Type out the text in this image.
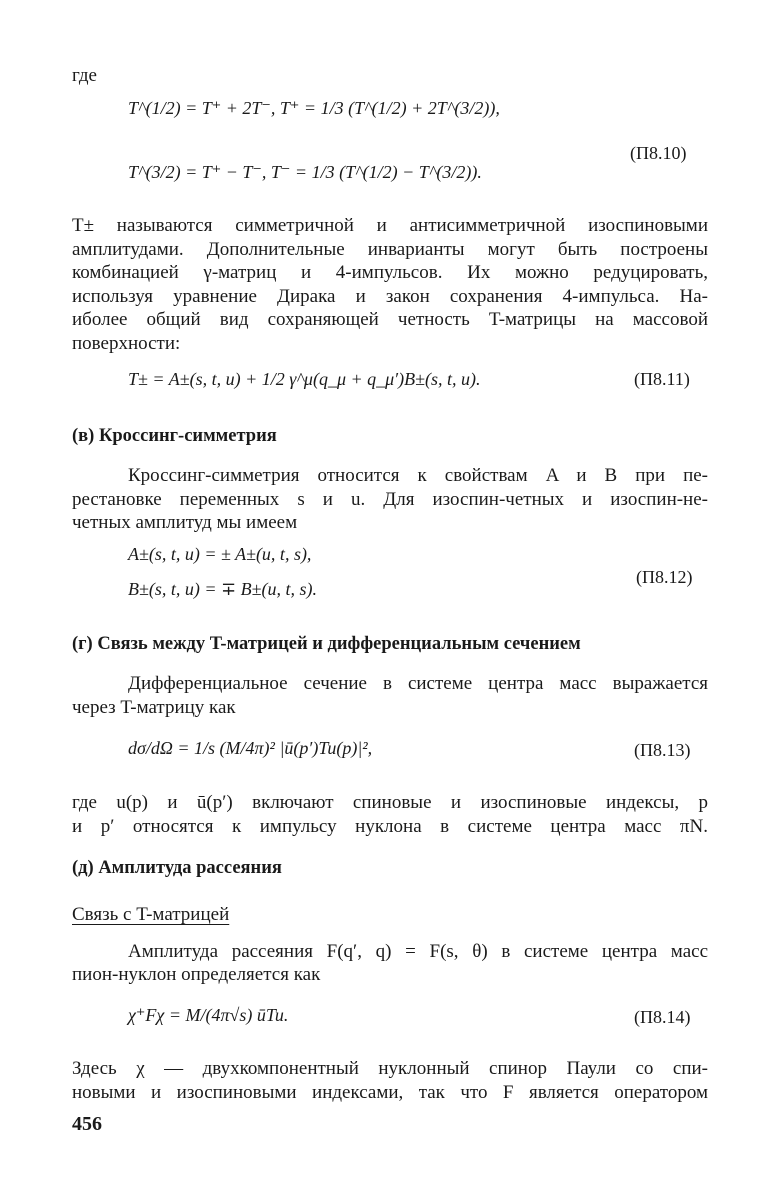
где
T^(1/2) = T⁺ + 2T⁻, T⁺ = 1/3 (T^(1/2) + 2T^(3/2)),
T^(3/2) = T⁺ − T⁻, T⁻ = 1/3 (T^(1/2) − T^(3/2)).
(П8.10)
T± называются симметричной и антисимметричной изоспиновыми
амплитудами. Дополнительные инварианты могут быть построены
комбинацией γ-матриц и 4-импульсов. Их можно редуцировать,
используя уравнение Дирака и закон сохранения 4-импульса. На-
иболее общий вид сохраняющей четность T-матрицы на массовой
поверхности:
T± = A±(s, t, u) + 1/2 γ^μ(q_μ + q_μ′)B±(s, t, u).	(П8.11)
(в) Кроссинг-симметрия
Кроссинг-симметрия относится к свойствам A и B при пе-
рестановке переменных s и u. Для изоспин-четных и изоспин-не-
четных амплитуд мы имеем
A±(s, t, u) = ± A±(u, t, s),
B±(s, t, u) = ∓ B±(u, t, s).
(П8.12)
(г) Связь между T-матрицей и дифференциальным сечением
Дифференциальное сечение в системе центра масс выражается
через T-матрицу как
dσ/dΩ = 1/s (M/4π)² |ū(p′)Tu(p)|²,	(П8.13)
где u(p) и ū(p′) включают спиновые и изоспиновые индексы, p
и p′ относятся к импульсу нуклона в системе центра масс πN.
(д) Амплитуда рассеяния
Связь с T-матрицей
Амплитуда рассеяния F(q′, q) = F(s, θ) в системе центра масс
пион-нуклон определяется как
χ⁺Fχ = M/(4π√s) ūTu.	(П8.14)
Здесь χ — двухкомпонентный нуклонный спинор Паули со спи-
новыми и изоспиновыми индексами, так что F является оператором
456
